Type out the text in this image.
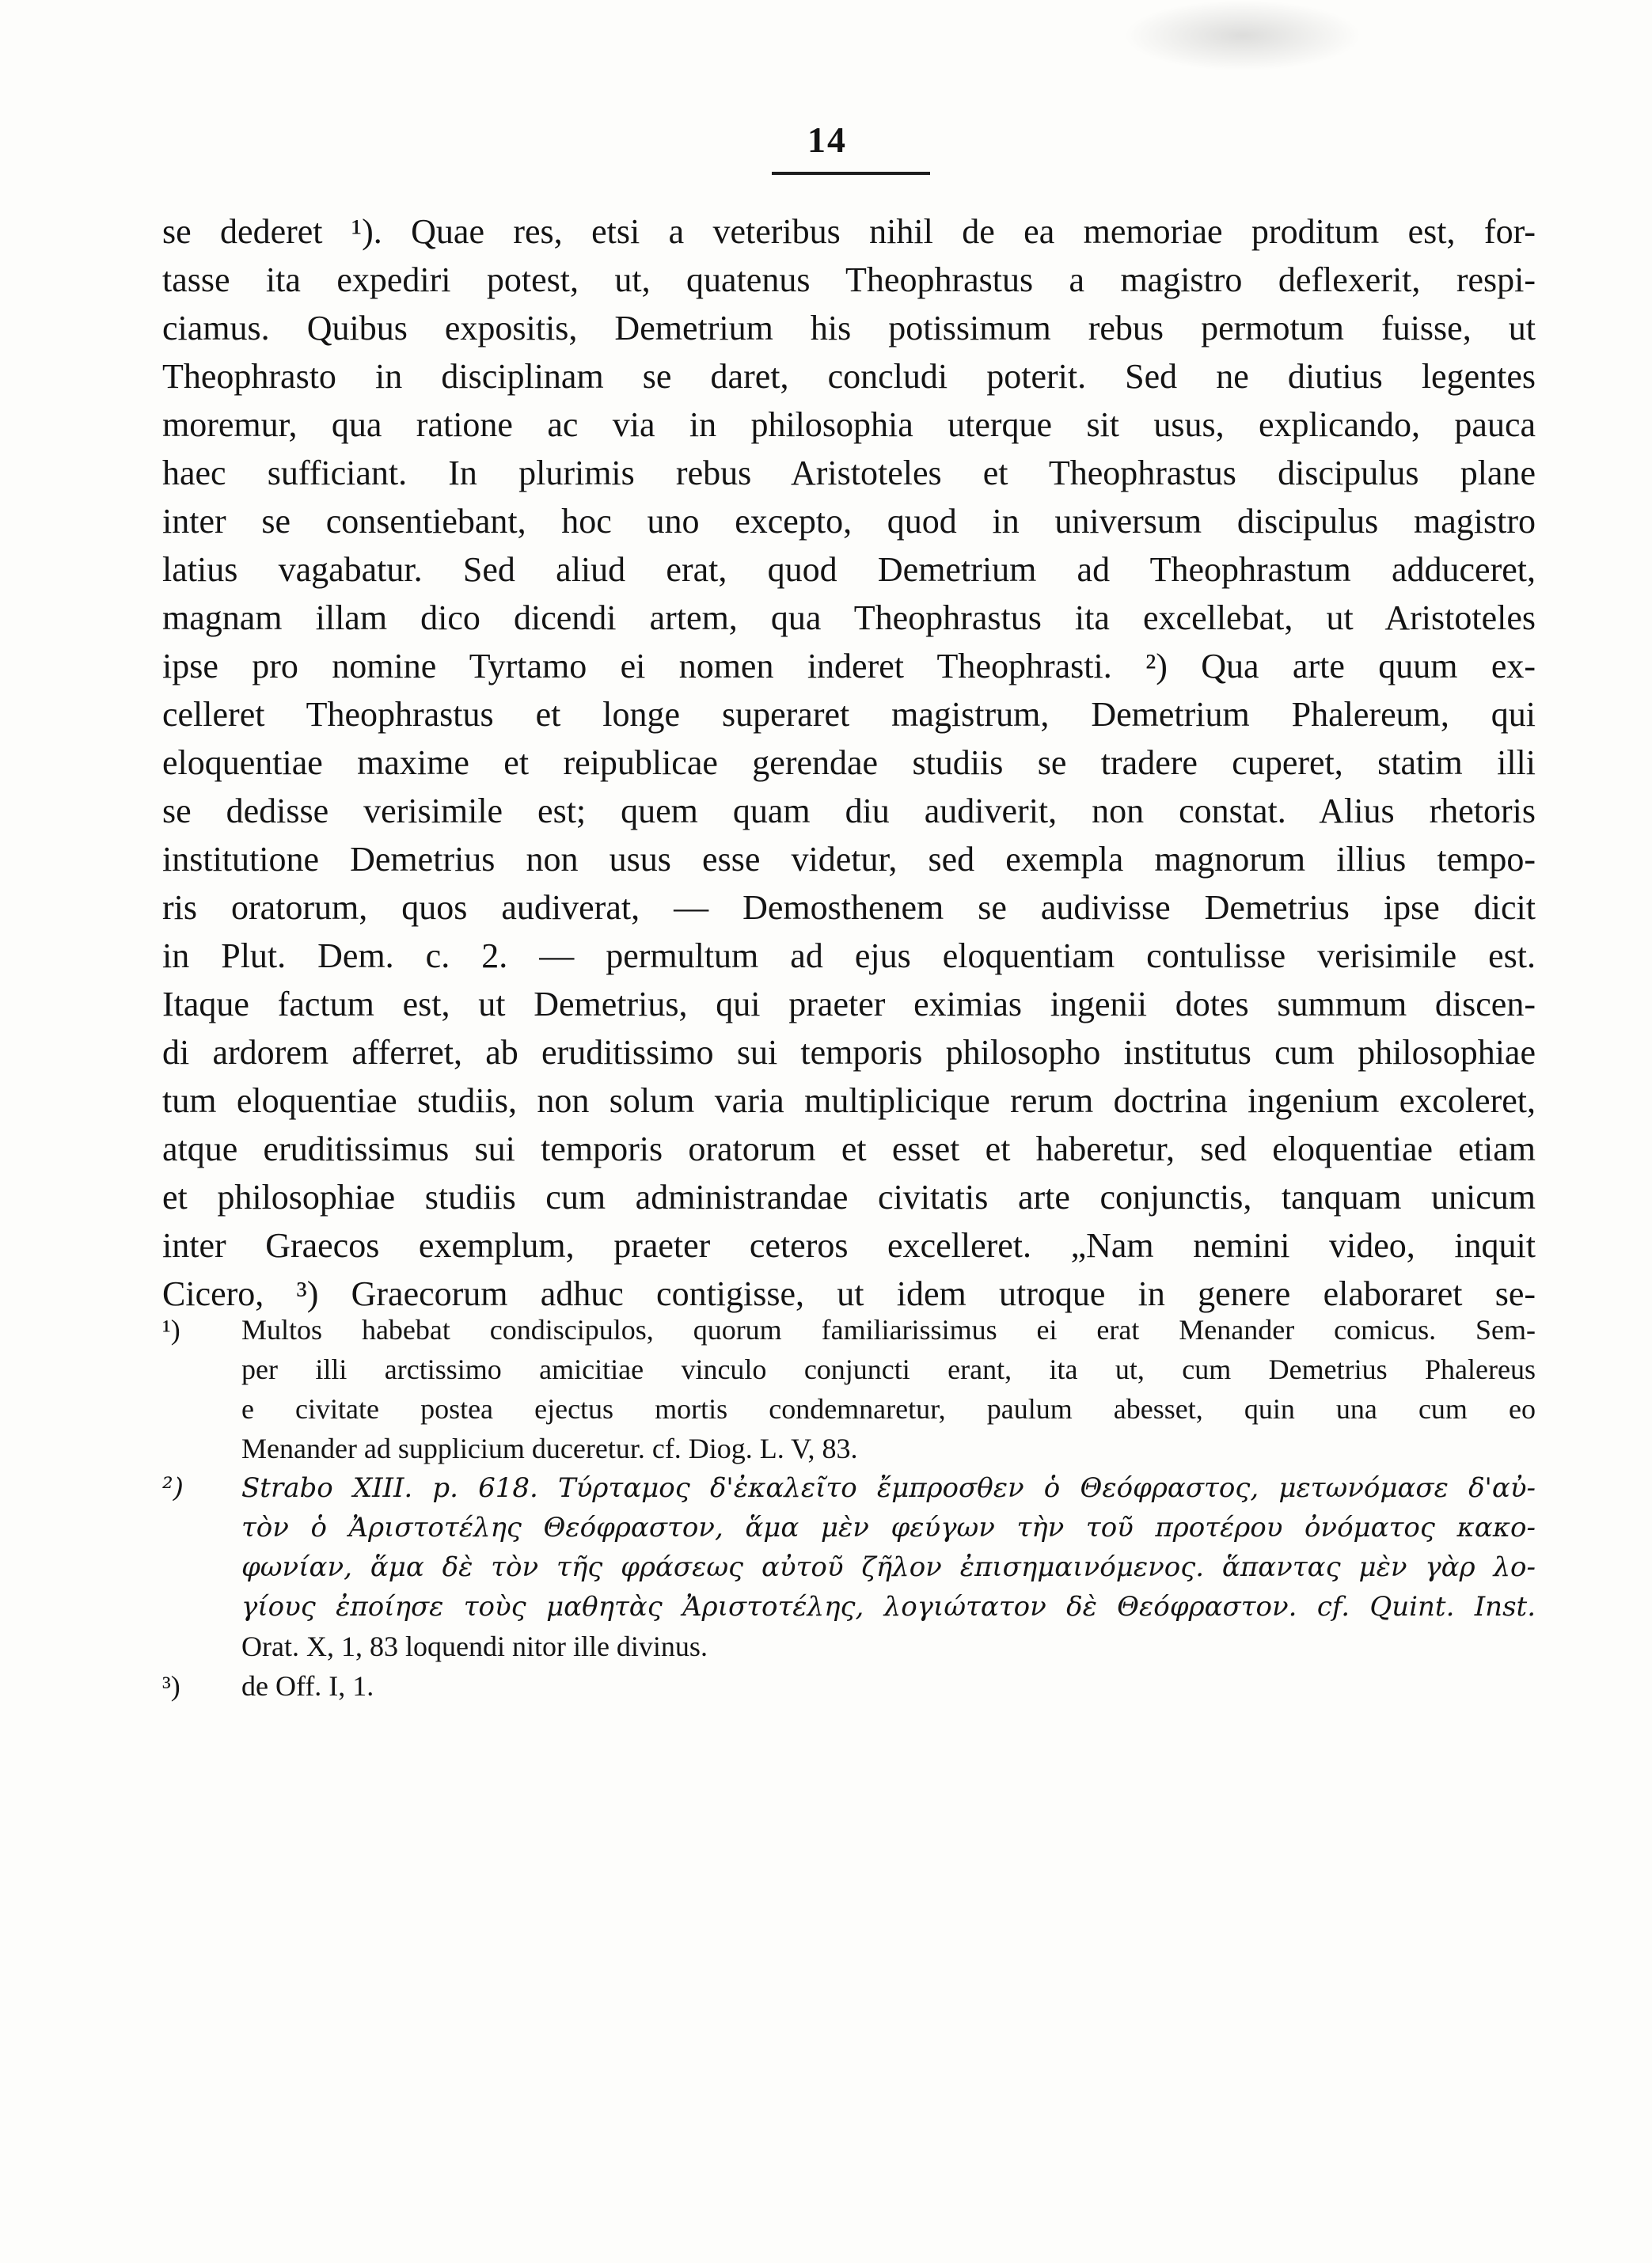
14
se dederet ¹). Quae res, etsi a veteribus nihil de ea memoriae proditum est, for-
tasse ita expediri potest, ut, quatenus Theophrastus a magistro deflexerit, respi-
ciamus. Quibus expositis, Demetrium his potissimum rebus permotum fuisse, ut
Theophrasto in disciplinam se daret, concludi poterit. Sed ne diutius legentes
moremur, qua ratione ac via in philosophia uterque sit usus, explicando, pauca
haec sufficiant. In plurimis rebus Aristoteles et Theophrastus discipulus plane
inter se consentiebant, hoc uno excepto, quod in universum discipulus magistro
latius vagabatur. Sed aliud erat, quod Demetrium ad Theophrastum adduceret,
magnam illam dico dicendi artem, qua Theophrastus ita excellebat, ut Aristoteles
ipse pro nomine Tyrtamo ei nomen inderet Theophrasti. ²) Qua arte quum ex-
celleret Theophrastus et longe superaret magistrum, Demetrium Phalereum, qui
eloquentiae maxime et reipublicae gerendae studiis se tradere cuperet, statim illi
se dedisse verisimile est; quem quam diu audiverit, non constat. Alius rhetoris
institutione Demetrius non usus esse videtur, sed exempla magnorum illius tempo-
ris oratorum, quos audiverat, — Demosthenem se audivisse Demetrius ipse dicit
in Plut. Dem. c. 2. — permultum ad ejus eloquentiam contulisse verisimile est.
Itaque factum est, ut Demetrius, qui praeter eximias ingenii dotes summum discen-
di ardorem afferret, ab eruditissimo sui temporis philosopho institutus cum philosophiae
tum eloquentiae studiis, non solum varia multiplicique rerum doctrina ingenium excoleret,
atque eruditissimus sui temporis oratorum et esset et haberetur, sed eloquentiae etiam
et philosophiae studiis cum administrandae civitatis arte conjunctis, tanquam unicum
inter Graecos exemplum, praeter ceteros excelleret. „Nam nemini video, inquit
Cicero, ³) Graecorum adhuc contigisse, ut idem utroque in genere elaboraret se-
¹) Multos habebat condiscipulos, quorum familiarissimus ei erat Menander comicus. Sem-
per illi arctissimo amicitiae vinculo conjuncti erant, ita ut, cum Demetrius Phalereus
e civitate postea ejectus mortis condemnaretur, paulum abesset, quin una cum eo
Menander ad supplicium duceretur. cf. Diog. L. V, 83.
²) Strabo XIII. p. 618. Τύρταμος δ'ἐκαλεῖτο ἔμπροσθεν ὁ Θεόφραστος, μετωνόμασε δ'αὐ-
τὸν ὁ Ἀριστοτέλης Θεόφραστον, ἅμα μὲν φεύγων τὴν τοῦ προτέρου ὀνόματος κακο-
φωνίαν, ἅμα δὲ τὸν τῆς φράσεως αὐτοῦ ζῆλον ἐπισημαινόμενος. ἅπαντας μὲν γὰρ λο-
γίους ἐποίησε τοὺς μαθητὰς Ἀριστοτέλης, λογιώτατον δὲ Θεόφραστον. cf. Quint. Inst.
Orat. X, 1, 83 loquendi nitor ille divinus.
³) de Off. I, 1.
